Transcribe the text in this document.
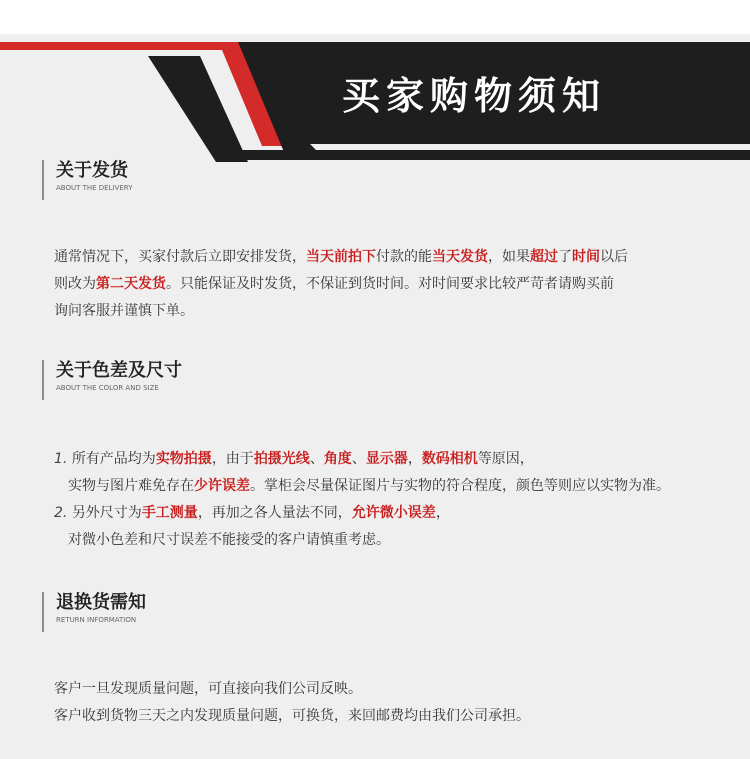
买家购物须知
关于发货
ABOUT THE DELIVERY
通常情况下，买家付款后立即安排发货，当天前拍下付款的能当天发货，如果超过了时间以后
则改为第二天发货。只能保证及时发货，不保证到货时间。对时间要求比较严苛者请购买前
询问客服并谨慎下单。
关于色差及尺寸
ABOUT THE COLOR AND SIZE
1. 所有产品均为实物拍摄，由于拍摄光线、角度、显示器，数码相机等原因，
实物与图片难免存在少许误差。掌柜会尽量保证图片与实物的符合程度，颜色等则应以实物为准。
2. 另外尺寸为手工测量，再加之各人量法不同，允许微小误差，
对微小色差和尺寸误差不能接受的客户请慎重考虑。
退换货需知
RETURN INFORMATION
客户一旦发现质量问题，可直接向我们公司反映。
客户收到货物三天之内发现质量问题，可换货，来回邮费均由我们公司承担。
